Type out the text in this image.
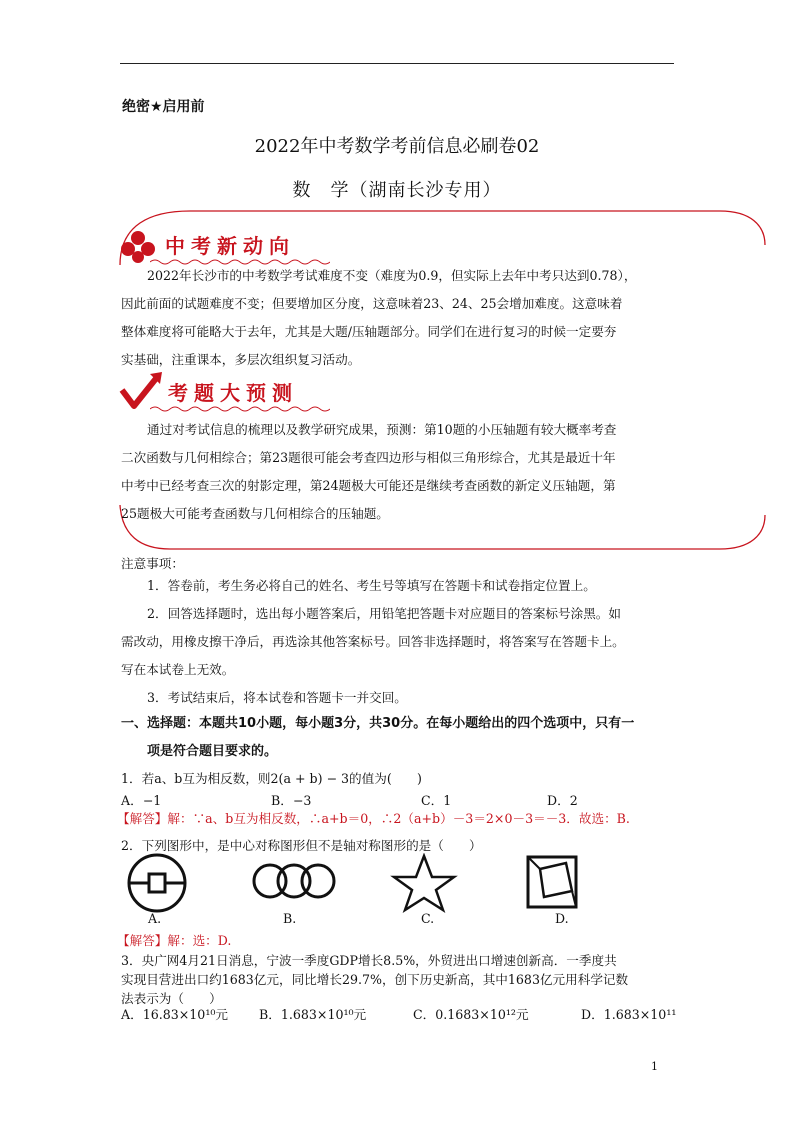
绝密★启用前
2022年中考数学考前信息必刷卷02
数　学（湖南长沙专用）
中考新动向

2022年长沙市的中考数学考试难度不变（难度为0.9，但实际上去年中考只达到0.78），

因此前面的试题难度不变；但要增加区分度，这意味着23、24、25会增加难度。这意味着

整体难度将可能略大于去年，尤其是大题/压轴题部分。同学们在进行复习的时候一定要夯

实基础，注重课本，多层次组织复习活动。

考题大预测

通过对考试信息的梳理以及教学研究成果，预测：第10题的小压轴题有较大概率考查

二次函数与几何相综合；第23题很可能会考查四边形与相似三角形综合，尤其是最近十年

中考中已经考查三次的射影定理，第24题极大可能还是继续考查函数的新定义压轴题，第

25题极大可能考查函数与几何相综合的压轴题。

注意事项：
1．答卷前，考生务必将自己的姓名、考生号等填写在答题卡和试卷指定位置上。
2．回答选择题时，选出每小题答案后，用铅笔把答题卡对应题目的答案标号涂黑。如
需改动，用橡皮擦干净后，再选涂其他答案标号。回答非选择题时，将答案写在答题卡上。
写在本试卷上无效。
3．考试结束后，将本试卷和答题卡一并交回。
一、选择题：本题共10小题，每小题3分，共30分。在每小题给出的四个选项中，只有一
项是符合题目要求的。
1．若a、b互为相反数，则2(a + b) − 3的值为(　　)
A．−1	B．−3	C．1	D．2
【解答】解：∵a、b互为相反数，∴a+b＝0，∴2（a+b）－3＝2×0－3＝－3．故选：B.
2．下列图形中，是中心对称图形但不是轴对称图形的是（　　）
A.	B.	C.	D.
【解答】解：选：D.
3．央广网4月21日消息，宁波一季度GDP增长8.5%，外贸进出口增速创新高．一季度共
实现目营进出口约1683亿元，同比增长29.7%，创下历史新高，其中1683亿元用科学记数
法表示为（　　）
A．16.83×10¹⁰元 B．1.683×10¹⁰元	C．0.1683×10¹²元	D．1.683×10¹¹
1
